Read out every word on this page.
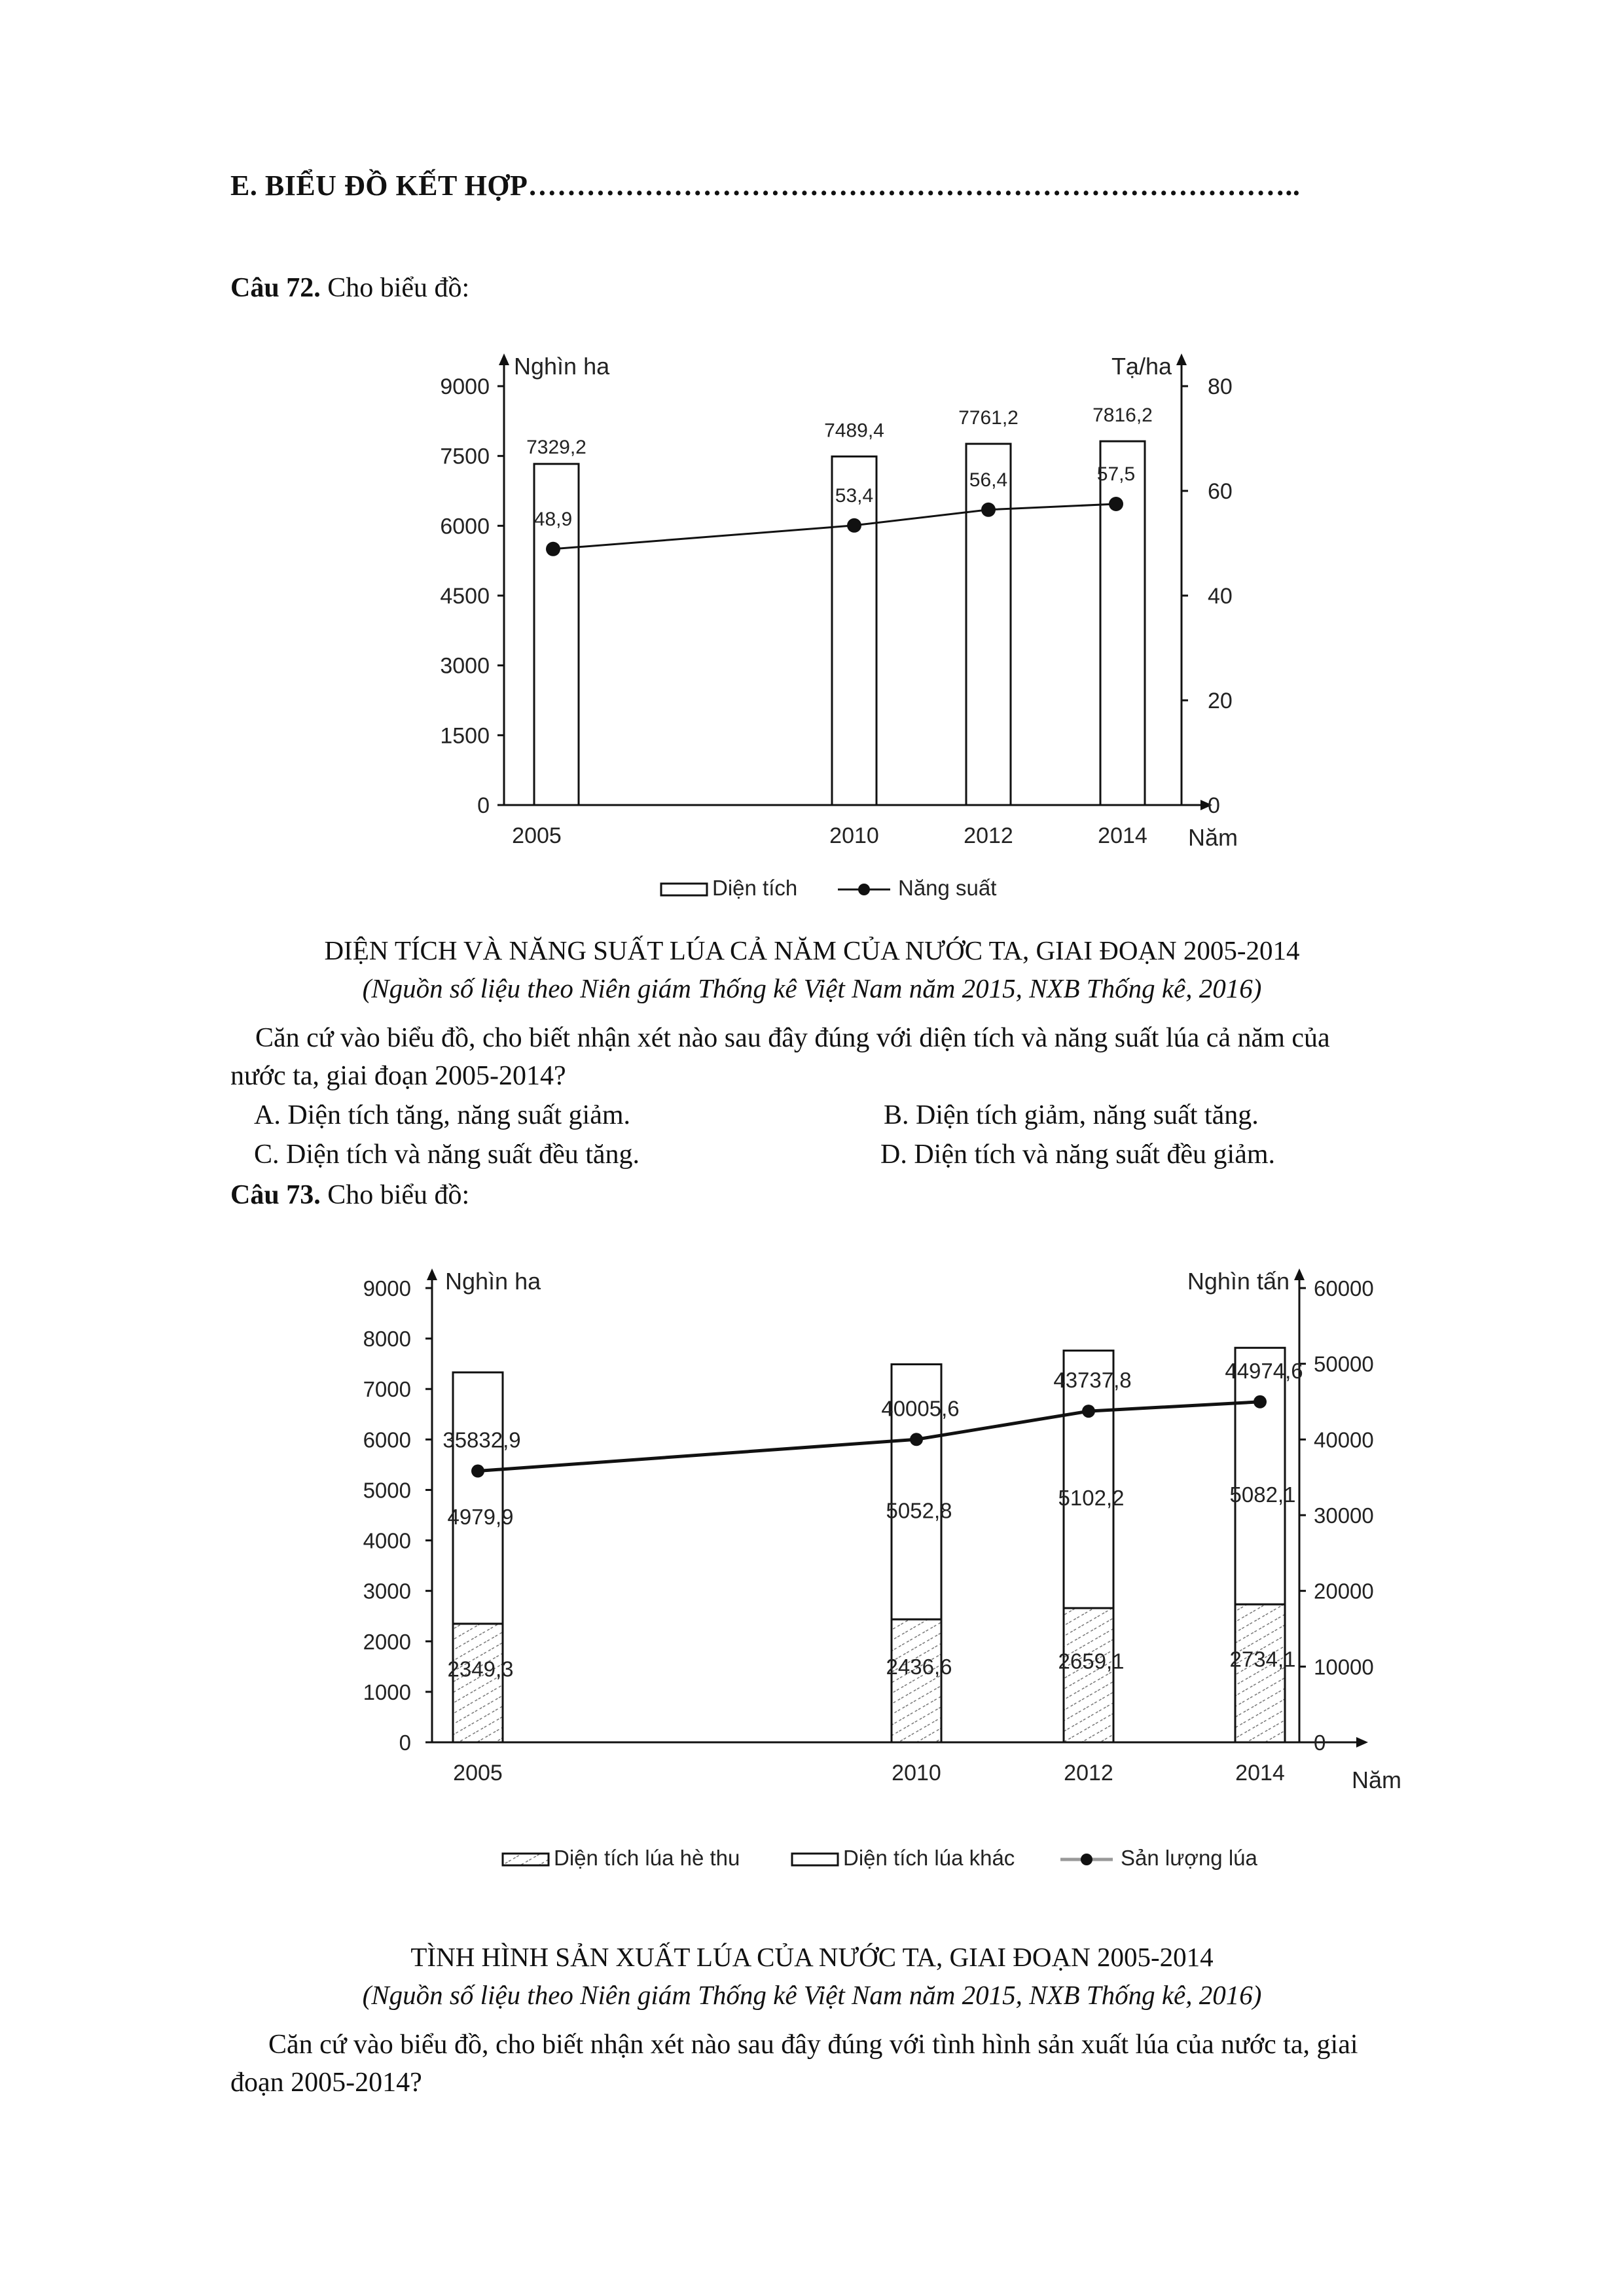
E. BIỂU ĐỒ KẾT HỢP……………………………………………………………………..
Câu 72. Cho biểu đồ:
Nghìn ha	Tạ/ha
Năm
0
1500
3000
4500
6000
7500
9000
0
20
40
60
80
7329,2
7489,4
7761,2	7816,2
2005	2010	2012	2014
48,9
53,4
56,4	57,5
Diện tích	Năng suất
DIỆN TÍCH VÀ NĂNG SUẤT LÚA CẢ NĂM CỦA NƯỚC TA, GIAI ĐOẠN 2005-2014
(Nguồn số liệu theo Niên giám Thống kê Việt Nam năm 2015, NXB Thống kê, 2016)
Căn cứ vào biểu đồ, cho biết nhận xét nào sau đây đúng với diện tích và năng suất lúa cả năm của
nước ta, giai đoạn 2005-2014?
A. Diện tích tăng, năng suất giảm.	B. Diện tích giảm, năng suất tăng.
C. Diện tích và năng suất đều tăng.	D. Diện tích và năng suất đều giảm.
Câu 73. Cho biểu đồ:
Nghìn ha	Nghìn tấn
Năm
0
1000
2000
3000
4000
5000
6000
7000
8000
9000
0
10000
20000
30000
40000
50000
60000
2349,3
4979,9
2436,6
5052,8
2659,1
5102,2
2734,1
5082,1
2005	2010	2012	2014
35832,9
40005,6
43737,8	44974,6
Diện tích lúa hè thu	Diện tích lúa khác	Sản lượng lúa
TÌNH HÌNH SẢN XUẤT LÚA CỦA NƯỚC TA, GIAI ĐOẠN 2005-2014
(Nguồn số liệu theo Niên giám Thống kê Việt Nam năm 2015, NXB Thống kê, 2016)
Căn cứ vào biểu đồ, cho biết nhận xét nào sau đây đúng với tình hình sản xuất lúa của nước ta, giai
đoạn 2005-2014?
